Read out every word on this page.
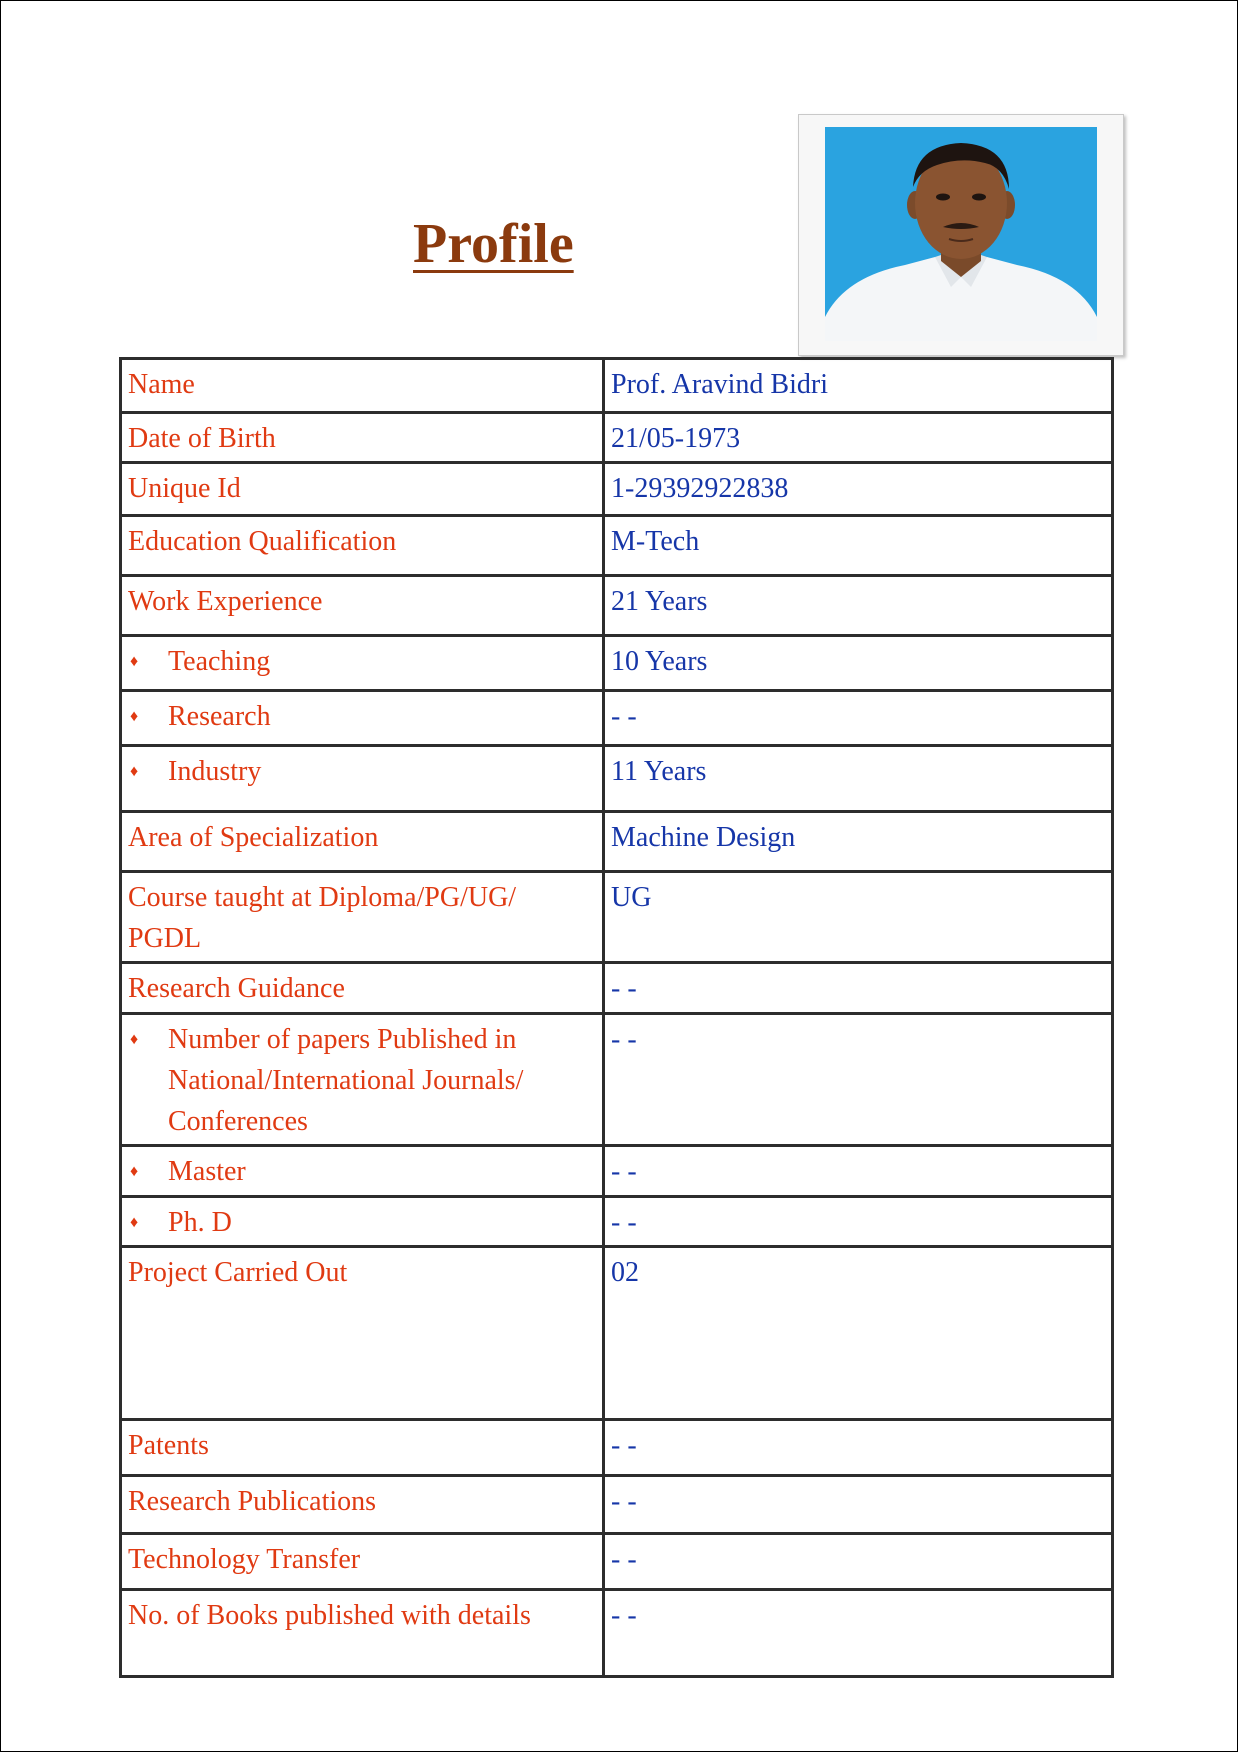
Profile
Name	Prof. Aravind Bidri
Date of Birth	21/05-1973
Unique Id	1-29392922838
Education Qualification	M-Tech
Work Experience	21 Years

♦ Teaching	10 Years

♦ Research	- -

♦ Industry	11 Years
Area of Specialization	Machine Design
Course taught at Diploma/PG/UG/ PGDL	UG
Research Guidance	- -

♦ Number of papers Published in National/International Journals/ Conferences	- -

♦ Master	- -

♦ Ph. D	- -
Project Carried Out	02
Patents	- -
Research Publications	- -
Technology Transfer	- -
No. of Books published with details	- -
